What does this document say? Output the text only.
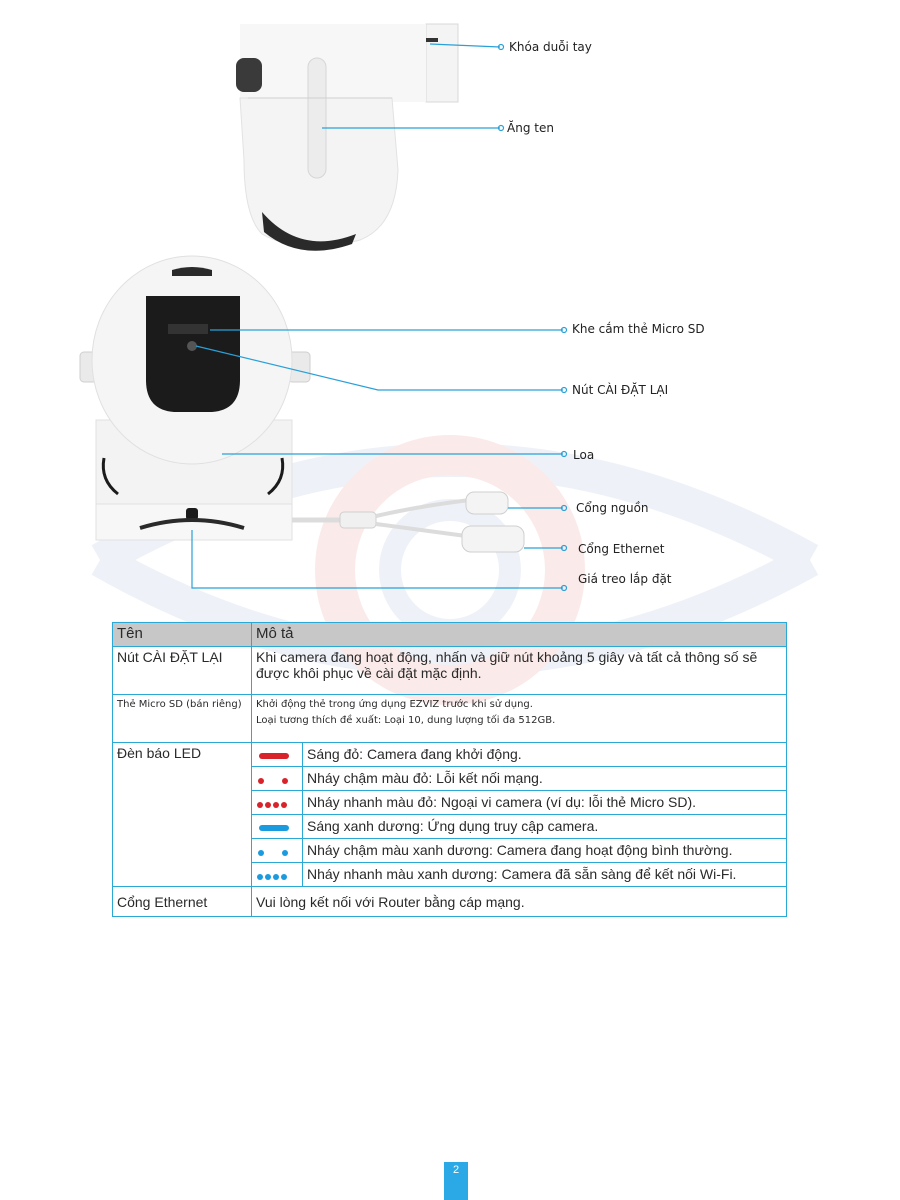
Khóa duỗi tay
Ăng ten
Khe cắm thẻ Micro SD
Nút CÀI ĐẶT LẠI
Loa
Cổng nguồn
Cổng Ethernet
Giá treo lắp đặt
Tên	Mô tả	
Nút CÀI ĐẶT LẠI	Khi camera đang hoạt động, nhấn và giữ nút khoảng 5 giây và tất cả thông số sẽ được khôi phục về cài đặt mặc định.	
Thẻ Micro SD (bán riêng)	Khởi động thẻ trong ứng dụng EZVIZ trước khi sử dụng.
Loại tương thích đề xuất: Loại 10, dung lượng tối đa 512GB.	

Đèn báo LED		Sáng đỏ: Camera đang khởi động.

	Nháy chậm màu đỏ: Lỗi kết nối mạng.

	Nháy nhanh màu đỏ: Ngoại vi camera (ví dụ: lỗi thẻ Micro SD).

	Sáng xanh dương: Ứng dụng truy cập camera.

	Nháy chậm màu xanh dương: Camera đang hoạt động bình thường.

	Nháy nhanh màu xanh dương: Camera đã sẵn sàng để kết nối Wi-Fi.
Cổng Ethernet	Vui lòng kết nối với Router bằng cáp mạng.	
2
